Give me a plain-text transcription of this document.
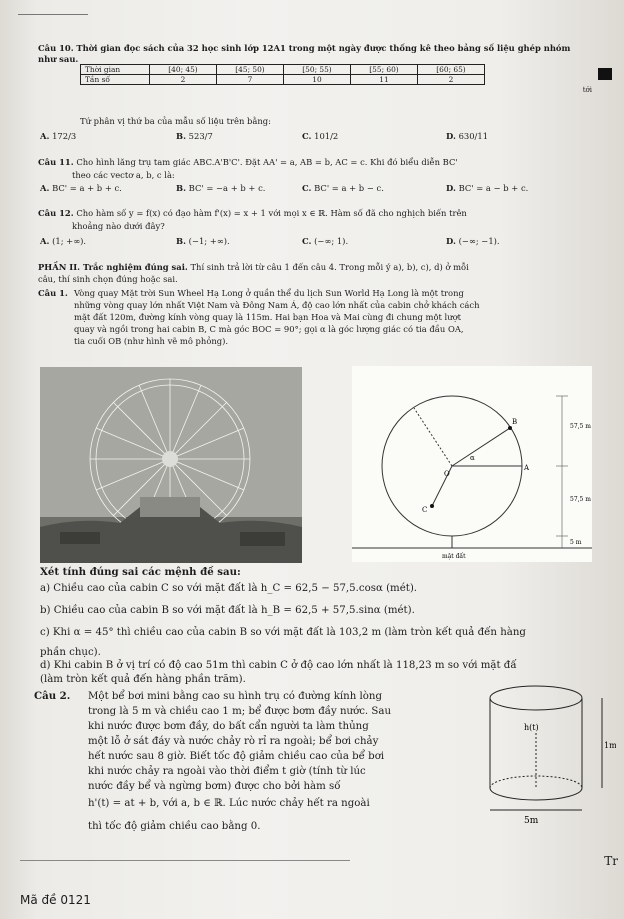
tới
Câu 10. Thời gian đọc sách của 32 học sinh lớp 12A1 trong một ngày được thống kê theo bảng số liệu ghép nhóm như sau.
Thời gian	[40; 45)	[45; 50)	[50; 55)	[55; 60)	[60; 65)
Tần số	2	7	10	11	2
Tứ phân vị thứ ba của mẫu số liệu trên bằng:
A. 172/3	B. 523/7	C. 101/2	D. 630/11
Câu 11. Cho hình lăng trụ tam giác ABC.A'B'C'. Đặt AA' = a, AB = b, AC = c. Khi đó biểu diễn BC'
theo các vectơ a, b, c là:
A. BC' = a + b + c.	B. BC' = −a + b + c.	C. BC' = a + b − c.	D. BC' = a − b + c.
Câu 12. Cho hàm số y = f(x) có đạo hàm f'(x) = x + 1 với mọi x ∈ ℝ. Hàm số đã cho nghịch biến trên
khoảng nào dưới đây?
A. (1; +∞).	B. (−1; +∞).	C. (−∞; 1).	D. (−∞; −1).
PHẦN II. Trắc nghiệm đúng sai. Thí sinh trả lời từ câu 1 đến câu 4. Trong mỗi ý a), b), c), d) ở mỗi
câu, thí sinh chọn đúng hoặc sai.
Câu 1. Vòng quay Mặt trời Sun Wheel Hạ Long ở quần thể du lịch Sun World Hạ Long là một trong
những vòng quay lớn nhất Việt Nam và Đông Nam Á, độ cao lớn nhất của cabin chở khách cách
mặt đất 120m, đường kính vòng quay là 115m. Hai bạn Hoa và Mai cùng đi chung một lượt
quay và ngồi trong hai cabin B, C mà góc BOC = 90°; gọi α là góc lượng giác có tia đầu OA,
tia cuối OB (như hình vẽ mô phỏng).
B
C
O
A
α
57,5 m
57,5 m
5 m
mặt đất
Xét tính đúng sai các mệnh đề sau:
a) Chiều cao của cabin C so với mặt đất là h_C = 62,5 − 57,5.cosα (mét).
b) Chiều cao của cabin B so với mặt đất là h_B = 62,5 + 57,5.sinα (mét).
c) Khi α = 45° thì chiều cao của cabin B so với mặt đất là 103,2 m (làm tròn kết quả đến hàng
phần chục).
d) Khi cabin B ở vị trí có độ cao 51m thì cabin C ở độ cao lớn nhất là 118,23 m so với mặt đấ
(làm tròn kết quả đến hàng phần trăm).
Câu 2. Một bể bơi mini bằng cao su hình trụ có đường kính lòng
trong là 5 m và chiều cao 1 m; bể được bơm đầy nước. Sau
khi nước được bơm đầy, do bất cẩn người ta làm thủng
một lỗ ở sát đáy và nước chảy rò rỉ ra ngoài; bể bơi chảy
hết nước sau 8 giờ. Biết tốc độ giảm chiều cao của bể bơi
khi nước chảy ra ngoài vào thời điểm t giờ (tính từ lúc
nước đầy bể và ngừng bơm) được cho bởi hàm số
h'(t) = at + b, với a, b ∈ ℝ. Lúc nước chảy hết ra ngoài
thì tốc độ giảm chiều cao bằng 0.
h(t)
5m
1m
Tr
Mã đề 0121
